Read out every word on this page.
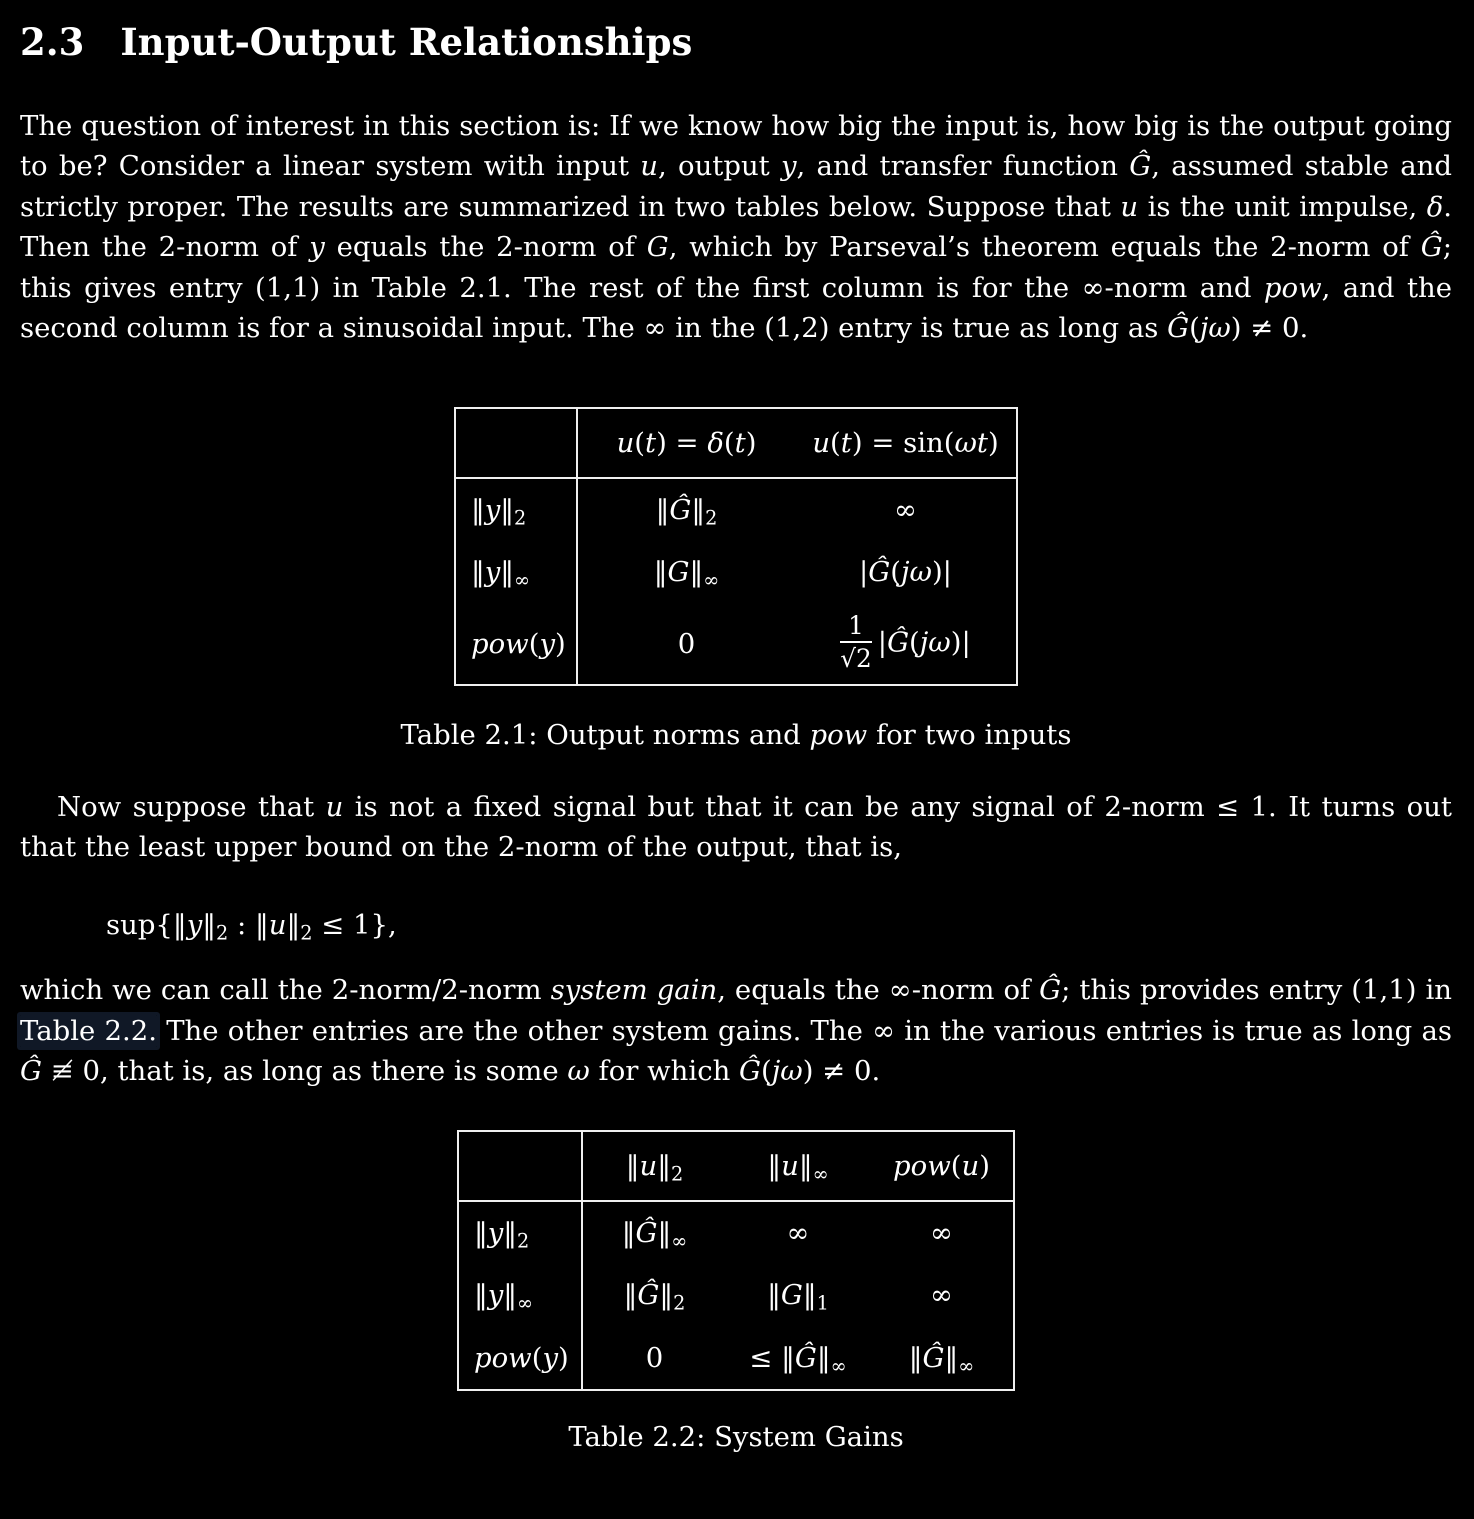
2.3 Input-Output Relationships

The question of interest in this section is: If we know how big the input is, how big is the output going to be? Consider a linear system with input u, output y, and transfer function Ĝ, assumed stable and strictly proper. The results are summarized in two tables below. Suppose that u is the unit impulse, δ. Then the 2-norm of y equals the 2-norm of G, which by Parseval’s theorem equals the 2-norm of Ĝ; this gives entry (1,1) in Table 2.1. The rest of the first column is for the ∞-norm and pow, and the second column is for a sinusoidal input. The ∞ in the (1,2) entry is true as long as Ĝ(jω) ≠ 0.

	u(t) = δ(t)	u(t) = sin(ωt)
$‖y‖_2$	$‖Ĝ‖_2$	∞
$‖y‖_\infty$	$‖G‖_\infty$	|Ĝ(jω)|
pow(y)	0	$\frac{1}{√2}$ |Ĝ(jω)|
Table 2.1: Output norms and pow for two inputs

Now suppose that u is not a fixed signal but that it can be any signal of 2-norm ≤ 1. It turns out that the least upper bound on the 2-norm of the output, that is,

$sup\{‖y‖_2$ : $‖u‖_2 \le 1$},

which we can call the 2-norm/2-norm system gain, equals the ∞-norm of Ĝ; this provides entry (1,1) in Table 2.2. The other entries are the other system gains. The ∞ in the various entries is true as long as Ĝ ≢ 0, that is, as long as there is some ω for which Ĝ(jω) ≠ 0.

	$‖u‖_2$	$‖u‖_\infty$	pow(u)
$‖y‖_2$	$‖Ĝ‖_\infty$	∞	∞
$‖y‖_\infty$	$‖Ĝ‖_2$	$‖G‖_1$	∞
pow(y)	0	≤ $‖Ĝ‖_\infty$	$‖Ĝ‖_\infty$
Table 2.2: System Gains
